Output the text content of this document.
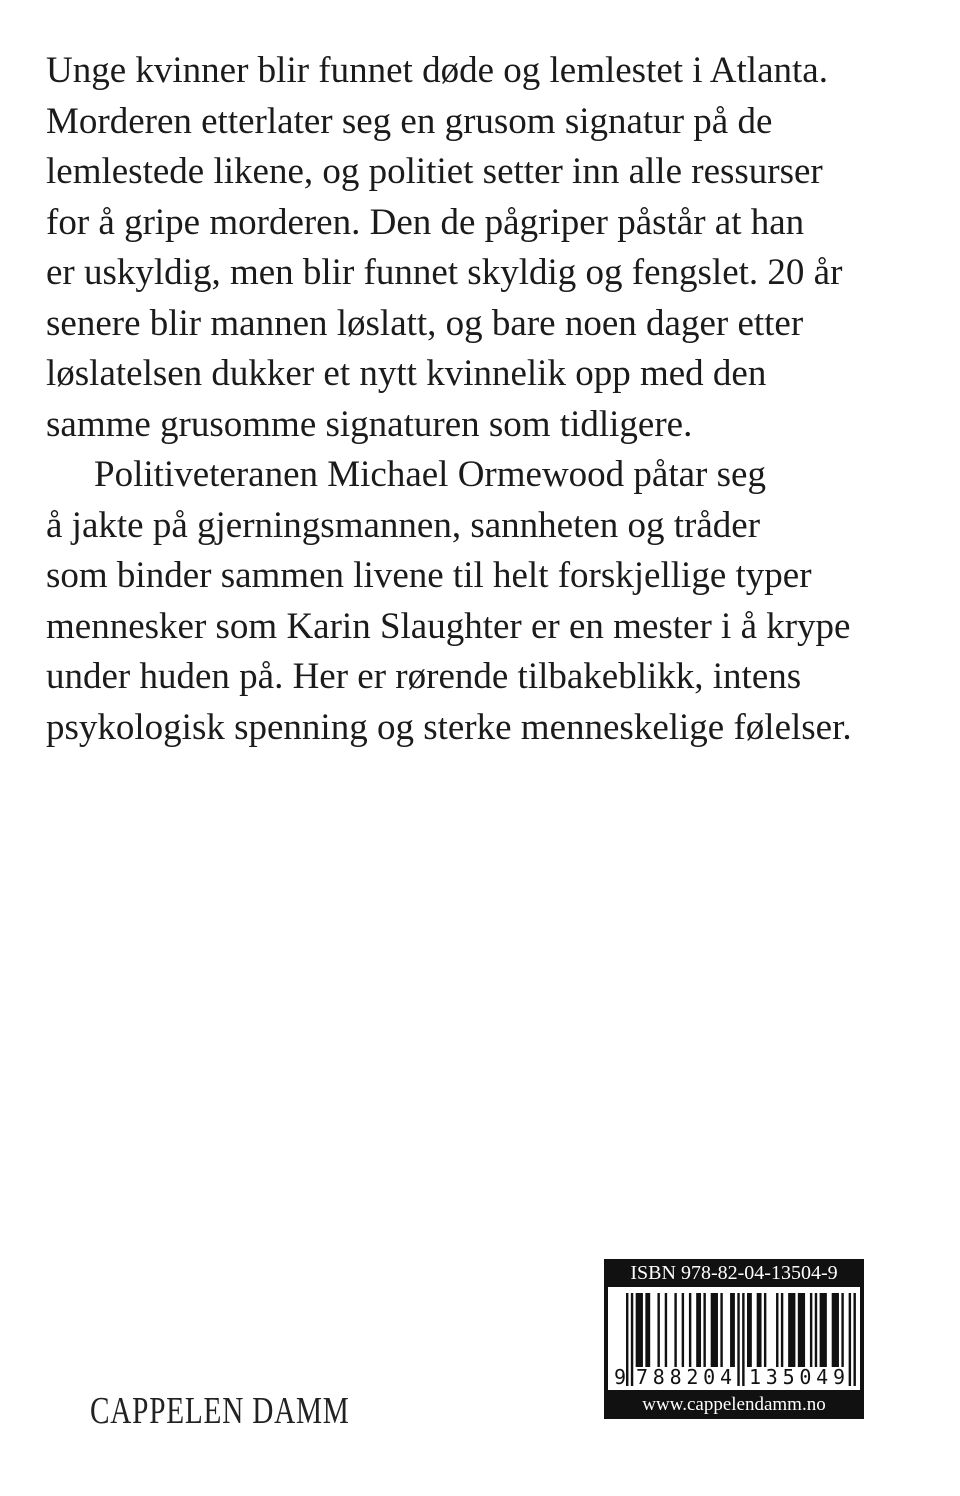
Unge kvinner blir funnet døde og lemlestet i Atlanta.
Morderen etterlater seg en grusom signatur på de
lemlestede likene, og politiet setter inn alle ressurser
for å gripe morderen. Den de pågriper påstår at han
er uskyldig, men blir funnet skyldig og fengslet. 20 år
senere blir mannen løslatt, og bare noen dager etter
løslatelsen dukker et nytt kvinnelik opp med den
samme grusomme signaturen som tidligere.

Politiveteranen Michael Ormewood påtar seg
å jakte på gjerningsmannen, sannheten og tråder
som binder sammen livene til helt forskjellige typer
mennesker som Karin Slaughter er en mester i å krype
under huden på. Her er rørende tilbakeblikk, intens
psykologisk spenning og sterke menneskelige følelser.

CAPPELEN DAMM
ISBN 978-82-04-13504-9
9 788204 135049
www.cappelendamm.no
